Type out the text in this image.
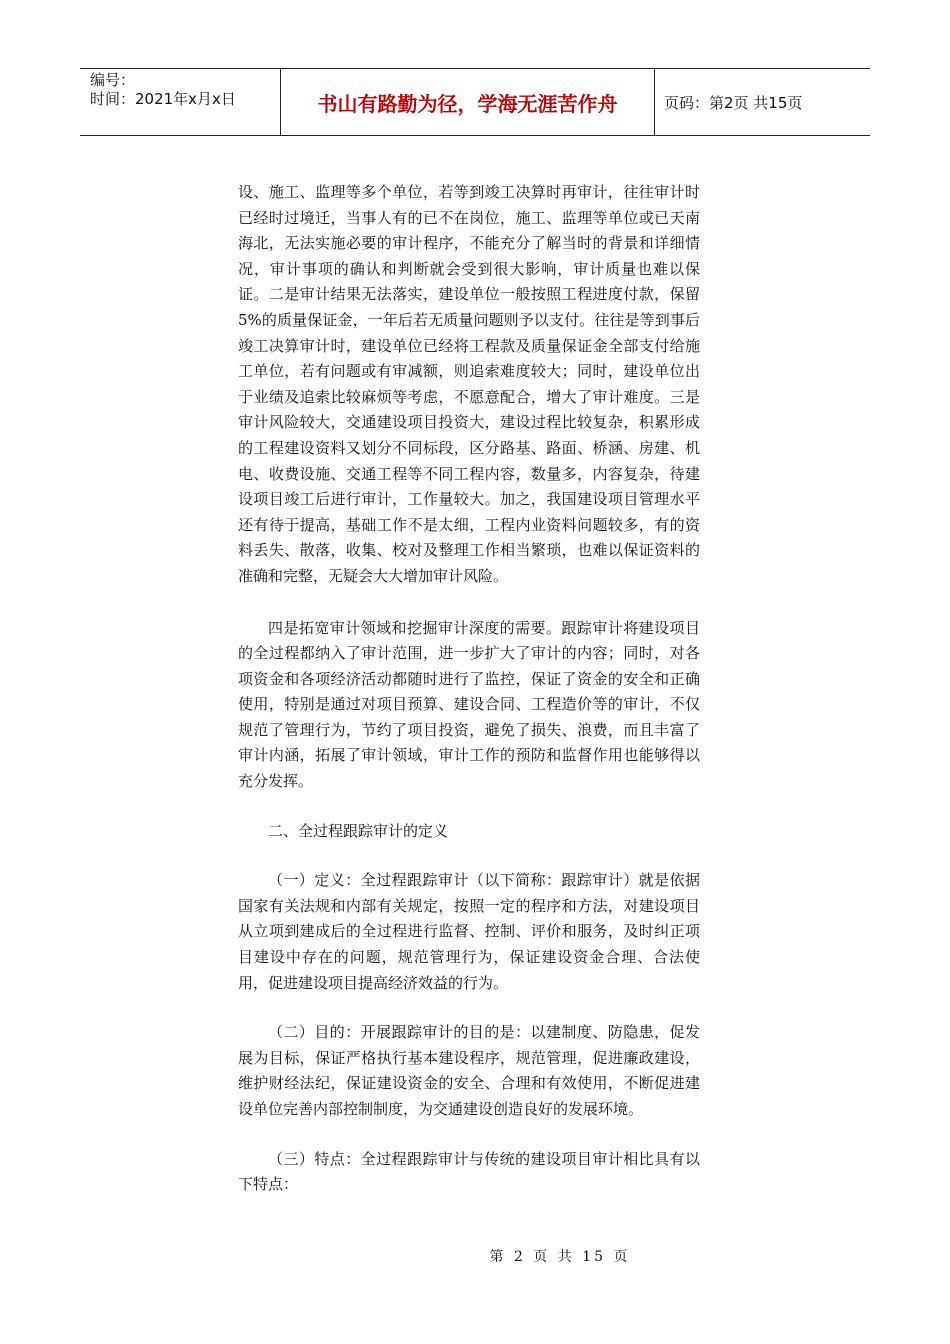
编号：
时间：2021年x月x日	书山有路勤为径，学海无涯苦作舟	页码：第2页 共15页

设、施工、监理等多个单位，若等到竣工决算时再审计，往往审计时已经时过境迁，当事人有的已不在岗位，施工、监理等单位或已天南海北，无法实施必要的审计程序，不能充分了解当时的背景和详细情况，审计事项的确认和判断就会受到很大影响，审计质量也难以保证。二是审计结果无法落实，建设单位一般按照工程进度付款，保留5%的质量保证金，一年后若无质量问题则予以支付。往往是等到事后竣工决算审计时，建设单位已经将工程款及质量保证金全部支付给施工单位，若有问题或有审减额，则追索难度较大；同时，建设单位出于业绩及追索比较麻烦等考虑，不愿意配合，增大了审计难度。三是审计风险较大，交通建设项目投资大，建设过程比较复杂，积累形成的工程建设资料又划分不同标段，区分路基、路面、桥涵、房建、机电、收费设施、交通工程等不同工程内容，数量多，内容复杂，待建设项目竣工后进行审计，工作量较大。加之，我国建设项目管理水平还有待于提高，基础工作不是太细，工程内业资料问题较多，有的资料丢失、散落，收集、校对及整理工作相当繁琐，也难以保证资料的准确和完整，无疑会大大增加审计风险。

四是拓宽审计领域和挖掘审计深度的需要。跟踪审计将建设项目的全过程都纳入了审计范围，进一步扩大了审计的内容；同时，对各项资金和各项经济活动都随时进行了监控，保证了资金的安全和正确使用，特别是通过对项目预算、建设合同、工程造价等的审计，不仅规范了管理行为，节约了项目投资，避免了损失、浪费，而且丰富了审计内涵，拓展了审计领域，审计工作的预防和监督作用也能够得以充分发挥。

二、全过程跟踪审计的定义

（一）定义：全过程跟踪审计（以下简称：跟踪审计）就是依据国家有关法规和内部有关规定，按照一定的程序和方法，对建设项目从立项到建成后的全过程进行监督、控制、评价和服务，及时纠正项目建设中存在的问题，规范管理行为，保证建设资金合理、合法使用，促进建设项目提高经济效益的行为。

（二）目的：开展跟踪审计的目的是：以建制度、防隐患，促发展为目标，保证严格执行基本建设程序，规范管理，促进廉政建设，维护财经法纪，保证建设资金的安全、合理和有效使用，不断促进建设单位完善内部控制制度，为交通建设创造良好的发展环境。

（三）特点：全过程跟踪审计与传统的建设项目审计相比具有以下特点：

第 2 页 共 15 页
